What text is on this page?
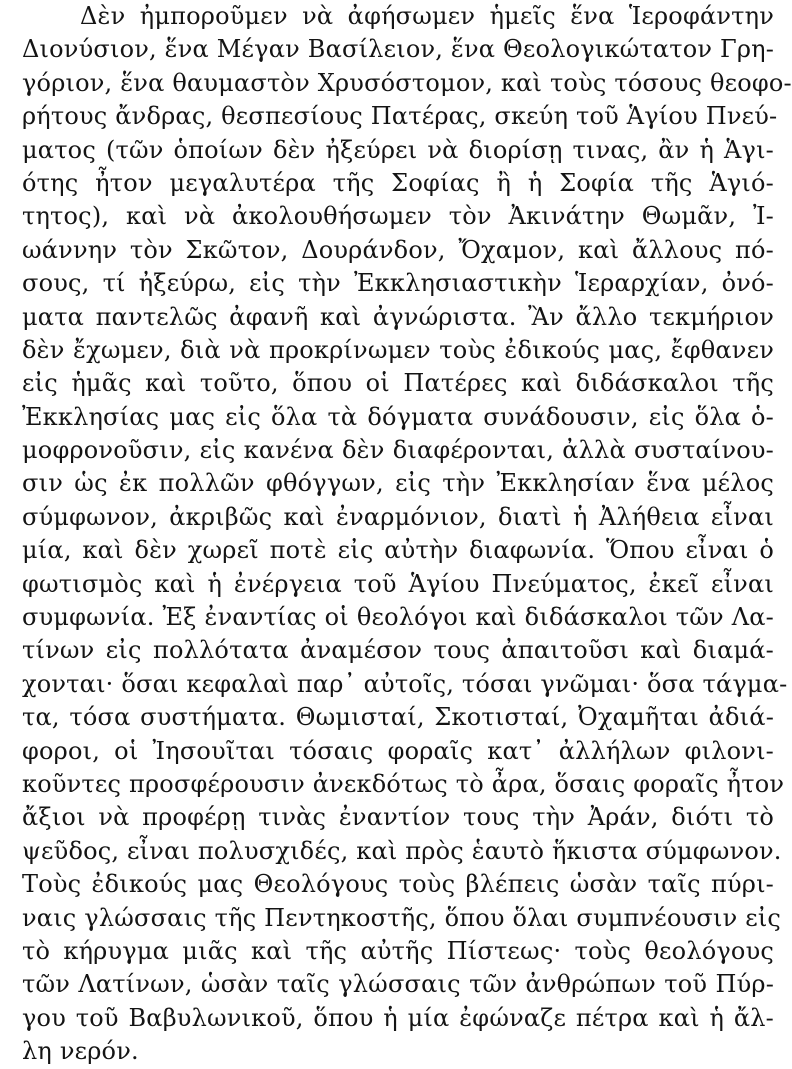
Δὲν ἠμποροῦμεν νὰ ἀφήσωμεν ἡμεῖς ἕνα Ἱεροφάντην
Διονύσιον, ἕνα Μέγαν Βασίλειον, ἕνα Θεολογικώτατον Γρη-
γόριον, ἕνα θαυμαστὸν Χρυσόστομον, καὶ τοὺς τόσους θεοφο-
ρήτους ἄνδρας, θεσπεσίους Πατέρας, σκεύη τοῦ Ἁγίου Πνεύ-
ματος (τῶν ὁποίων δὲν ἠξεύρει νὰ διορίσῃ τινας, ἂν ἡ Ἁγι-
ότης ἦτον μεγαλυτέρα τῆς Σοφίας ἢ ἡ Σοφία τῆς Ἁγιό-
τητος), καὶ νὰ ἀκολουθήσωμεν τὸν Ἀκινάτην Θωμᾶν, Ἰ-
ωάννην τὸν Σκῶτον, Δουράνδον, Ὄχαμον, καὶ ἄλλους πό-
σους, τί ἠξεύρω, εἰς τὴν Ἐκκλησιαστικὴν Ἱεραρχίαν, ὀνό-
ματα παντελῶς ἀφανῆ καὶ ἀγνώριστα. Ἂν ἄλλο τεκμήριον
δὲν ἔχωμεν, διὰ νὰ προκρίνωμεν τοὺς ἐδικούς μας, ἔφθανεν
εἰς ἡμᾶς καὶ τοῦτο, ὅπου οἱ Πατέρες καὶ διδάσκαλοι τῆς
Ἐκκλησίας μας εἰς ὅλα τὰ δόγματα συνάδουσιν, εἰς ὅλα ὁ-
μοφρονοῦσιν, εἰς κανένα δὲν διαφέρονται, ἀλλὰ συσταίνου-
σιν ὡς ἐκ πολλῶν φθόγγων, εἰς τὴν Ἐκκλησίαν ἕνα μέλος
σύμφωνον, ἀκριβῶς καὶ ἐναρμόνιον, διατὶ ἡ Ἀλήθεια εἶναι
μία, καὶ δὲν χωρεῖ ποτὲ εἰς αὐτὴν διαφωνία. Ὅπου εἶναι ὁ
φωτισμὸς καὶ ἡ ἐνέργεια τοῦ Ἁγίου Πνεύματος, ἐκεῖ εἶναι
συμφωνία. Ἐξ ἐναντίας οἱ θεολόγοι καὶ διδάσκαλοι τῶν Λα-
τίνων εἰς πολλότατα ἀναμέσον τους ἀπαιτοῦσι καὶ διαμά-
χονται· ὅσαι κεφαλαὶ παρ᾽ αὐτοῖς, τόσαι γνῶμαι· ὅσα τάγμα-
τα, τόσα συστήματα. Θωμισταί, Σκοτισταί, Ὀχαμῆται ἀδιά-
φοροι, οἱ Ἰησουῖται τόσαις φοραῖς κατ᾽ ἀλλήλων φιλονι-
κοῦντες προσφέρουσιν ἀνεκδότως τὸ ἆρα, ὅσαις φοραῖς ἦτον
ἄξιοι νὰ προφέρῃ τινὰς ἐναντίον τους τὴν Ἀράν, διότι τὸ
ψεῦδος, εἶναι πολυσχιδές, καὶ πρὸς ἑαυτὸ ἥκιστα σύμφωνον.
Τοὺς ἐδικούς μας Θεολόγους τοὺς βλέπεις ὡσὰν ταῖς πύρι-
ναις γλώσσαις τῆς Πεντηκοστῆς, ὅπου ὅλαι συμπνέουσιν εἰς
τὸ κήρυγμα μιᾶς καὶ τῆς αὐτῆς Πίστεως· τοὺς θεολόγους
τῶν Λατίνων, ὡσὰν ταῖς γλώσσαις τῶν ἀνθρώπων τοῦ Πύρ-
γου τοῦ Βαβυλωνικοῦ, ὅπου ἡ μία ἐφώναζε πέτρα καὶ ἡ ἄλ-
λη νερόν.
